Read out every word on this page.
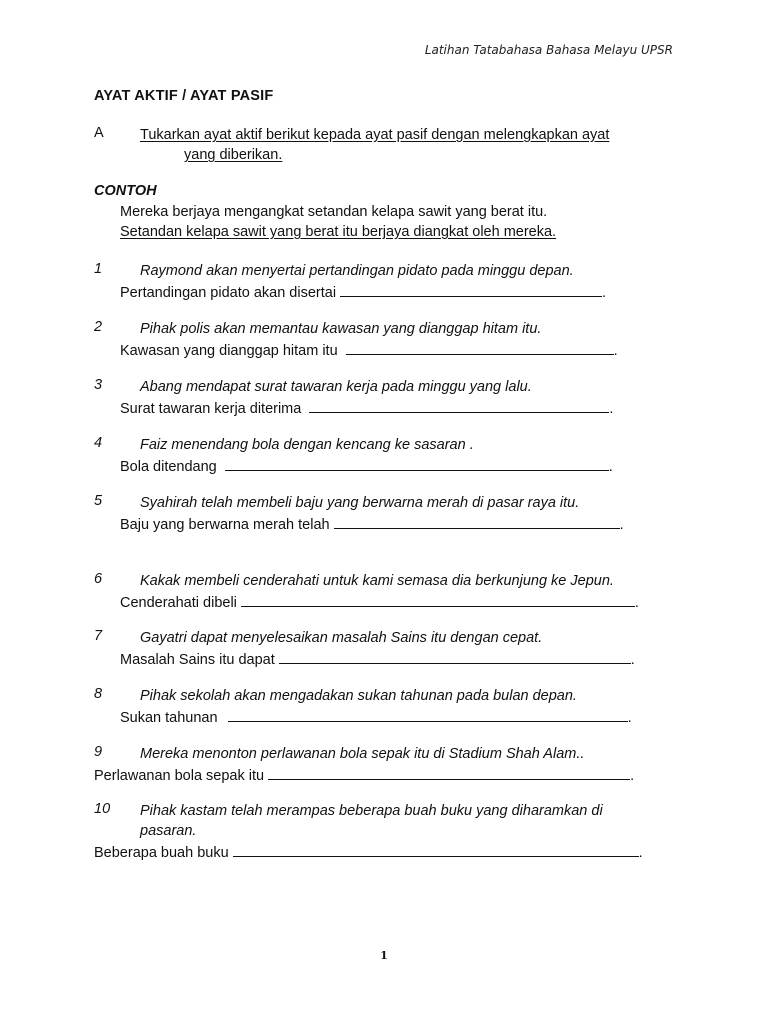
Latihan Tatabahasa Bahasa Melayu UPSR
AYAT AKTIF / AYAT PASIF
A	Tukarkan ayat aktif berikut kepada ayat pasif dengan melengkapkan ayat
yang diberikan.
CONTOH
Mereka berjaya mengangkat setandan kelapa sawit yang berat itu.
Setandan kelapa sawit yang berat itu berjaya diangkat oleh mereka.
1	Raymond akan menyertai pertandingan pidato pada minggu depan.
Pertandingan pidato akan disertai	.
2	Pihak polis akan memantau kawasan yang dianggap hitam itu.
Kawasan yang dianggap hitam itu	.
3	Abang mendapat surat tawaran kerja pada minggu yang lalu.
Surat tawaran kerja diterima	.
4	Faiz menendang bola dengan kencang ke sasaran .
Bola ditendang	.
5	Syahirah telah membeli baju yang berwarna merah di pasar raya itu.
Baju yang berwarna merah telah	.
6	Kakak membeli cenderahati untuk kami semasa dia berkunjung ke Jepun.
Cenderahati dibeli	.
7	Gayatri dapat menyelesaikan masalah Sains itu dengan cepat.
Masalah Sains itu dapat	.
8	Pihak sekolah akan mengadakan sukan tahunan pada bulan depan.
Sukan tahunan	.
9	Mereka menonton perlawanan bola sepak itu di Stadium Shah Alam..
Perlawanan bola sepak itu	.
10 Pihak kastam telah merampas beberapa buah buku yang diharamkan di pasaran.
Beberapa buah buku	.
1
